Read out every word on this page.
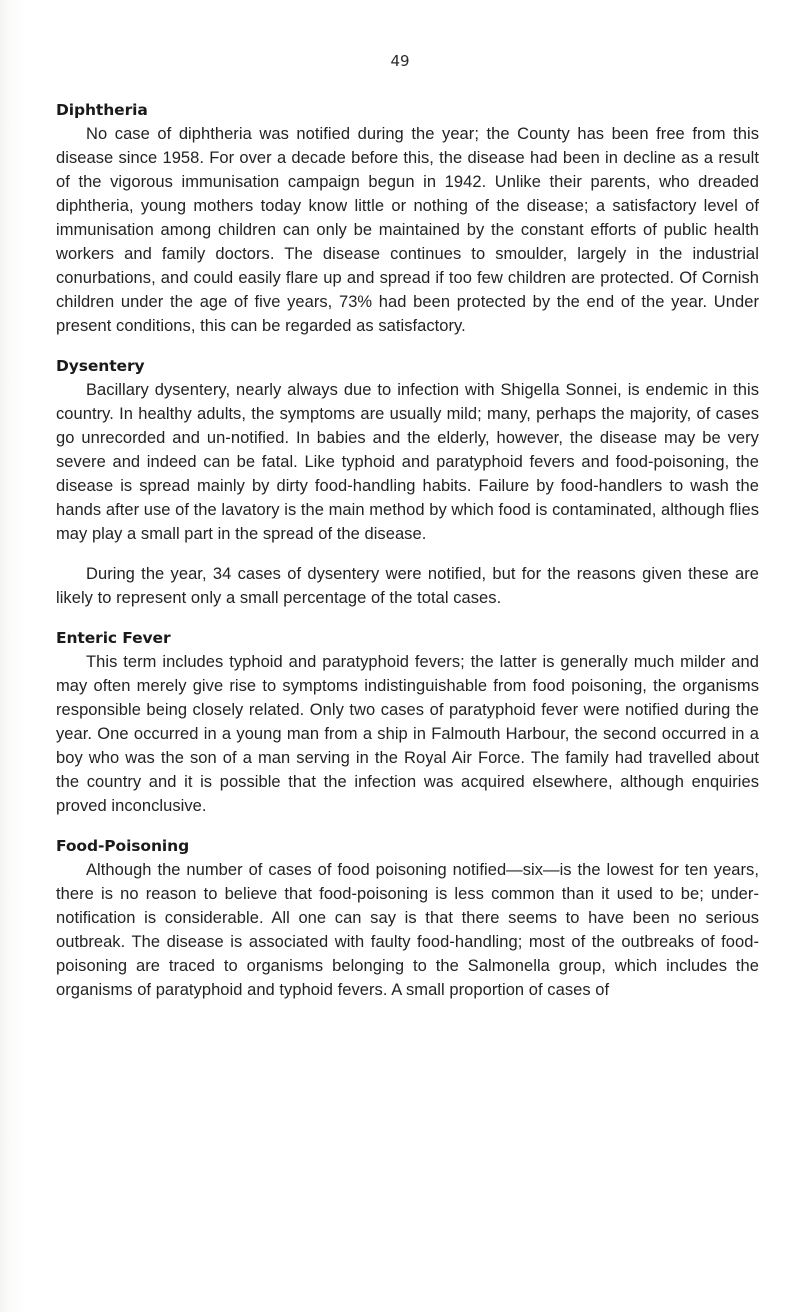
49
Diphtheria

No case of diphtheria was notified during the year; the County has been free from this disease since 1958. For over a decade before this, the disease had been in decline as a result of the vigorous immunisation campaign begun in 1942. Unlike their parents, who dreaded diphtheria, young mothers today know little or nothing of the disease; a satisfactory level of immunisation among children can only be maintained by the constant efforts of public health workers and family doctors. The disease continues to smoulder, largely in the industrial conurbations, and could easily flare up and spread if too few children are protected. Of Cornish children under the age of five years, 73% had been protected by the end of the year. Under present conditions, this can be regarded as satisfactory.

Dysentery

Bacillary dysentery, nearly always due to infection with Shigella Sonnei, is endemic in this country. In healthy adults, the symptoms are usually mild; many, perhaps the majority, of cases go unrecorded and un-notified. In babies and the elderly, however, the disease may be very severe and indeed can be fatal. Like typhoid and paratyphoid fevers and food-poisoning, the disease is spread mainly by dirty food-handling habits. Failure by food-handlers to wash the hands after use of the lavatory is the main method by which food is contaminated, although flies may play a small part in the spread of the disease.

During the year, 34 cases of dysentery were notified, but for the reasons given these are likely to represent only a small percentage of the total cases.

Enteric Fever

This term includes typhoid and paratyphoid fevers; the latter is generally much milder and may often merely give rise to symptoms indistinguishable from food poisoning, the organisms responsible being closely related. Only two cases of paratyphoid fever were notified during the year. One occurred in a young man from a ship in Falmouth Harbour, the second occurred in a boy who was the son of a man serving in the Royal Air Force. The family had travelled about the country and it is possible that the infection was acquired elsewhere, although enquiries proved inconclusive.

Food-Poisoning

Although the number of cases of food poisoning notified—six—is the lowest for ten years, there is no reason to believe that food-poisoning is less common than it used to be; under-notification is considerable. All one can say is that there seems to have been no serious outbreak. The disease is associated with faulty food-handling; most of the outbreaks of food-poisoning are traced to organisms belonging to the Salmonella group, which includes the organisms of paratyphoid and typhoid fevers. A small proportion of cases of
